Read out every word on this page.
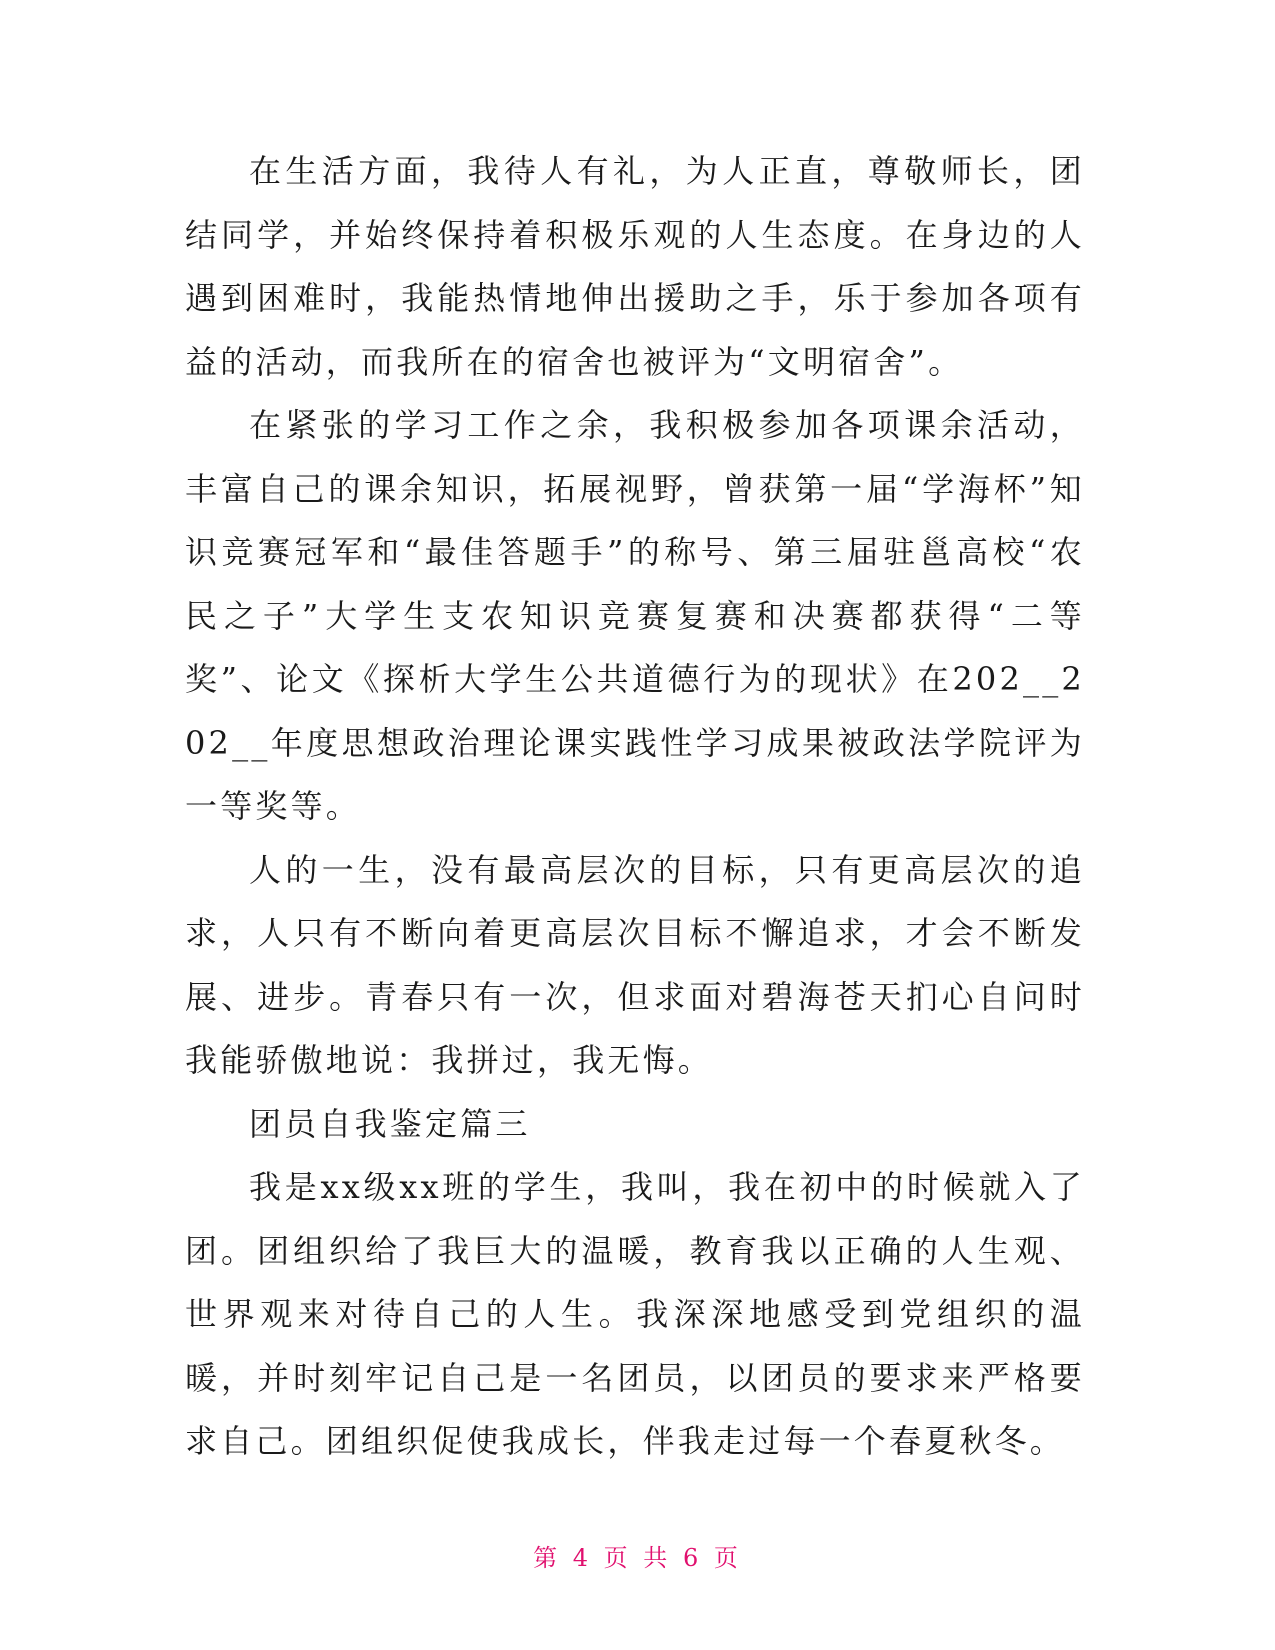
在生活方面，我待人有礼，为人正直，尊敬师长，团结同学，并始终保持着积极乐观的人生态度。在身边的人遇到困难时，我能热情地伸出援助之手，乐于参加各项有益的活动，而我所在的宿舍也被评为“文明宿舍”。

在紧张的学习工作之余，我积极参加各项课余活动，丰富自己的课余知识，拓展视野，曾获第一届“学海杯”知识竞赛冠军和“最佳答题手”的称号、第三届驻邕高校“农民之子”大学生支农知识竞赛复赛和决赛都获得“二等奖”、论文《探析大学生公共道德行为的现状》在202__202__年度思想政治理论课实践性学习成果被政法学院评为一等奖等。

人的一生，没有最高层次的目标，只有更高层次的追求，人只有不断向着更高层次目标不懈追求，才会不断发展、进步。青春只有一次，但求面对碧海苍天扪心自问时我能骄傲地说：我拼过，我无悔。

团员自我鉴定篇三

我是xx级xx班的学生，我叫，我在初中的时候就入了团。团组织给了我巨大的温暖，教育我以正确的人生观、世界观来对待自己的人生。我深深地感受到党组织的温暖，并时刻牢记自己是一名团员，以团员的要求来严格要求自己。团组织促使我成长，伴我走过每一个春夏秋冬。

第 4 页 共 6 页
